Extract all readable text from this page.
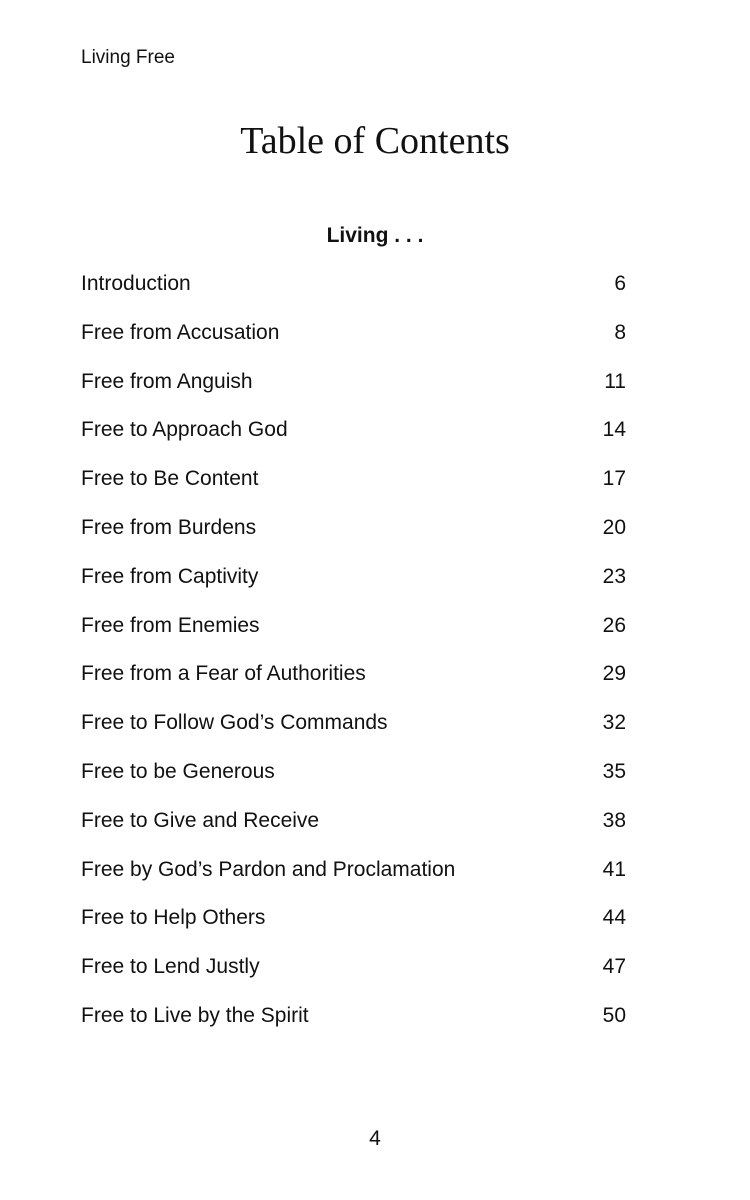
Living Free
Table of Contents
Living . . .
Introduction	6
Free from Accusation	8
Free from Anguish	11
Free to Approach God	14
Free to Be Content	17
Free from Burdens	20
Free from Captivity	23
Free from Enemies	26
Free from a Fear of Authorities	29
Free to Follow God’s Commands	32
Free to be Generous	35
Free to Give and Receive	38
Free by God’s Pardon and Proclamation	41
Free to Help Others	44
Free to Lend Justly	47
Free to Live by the Spirit	50
4
